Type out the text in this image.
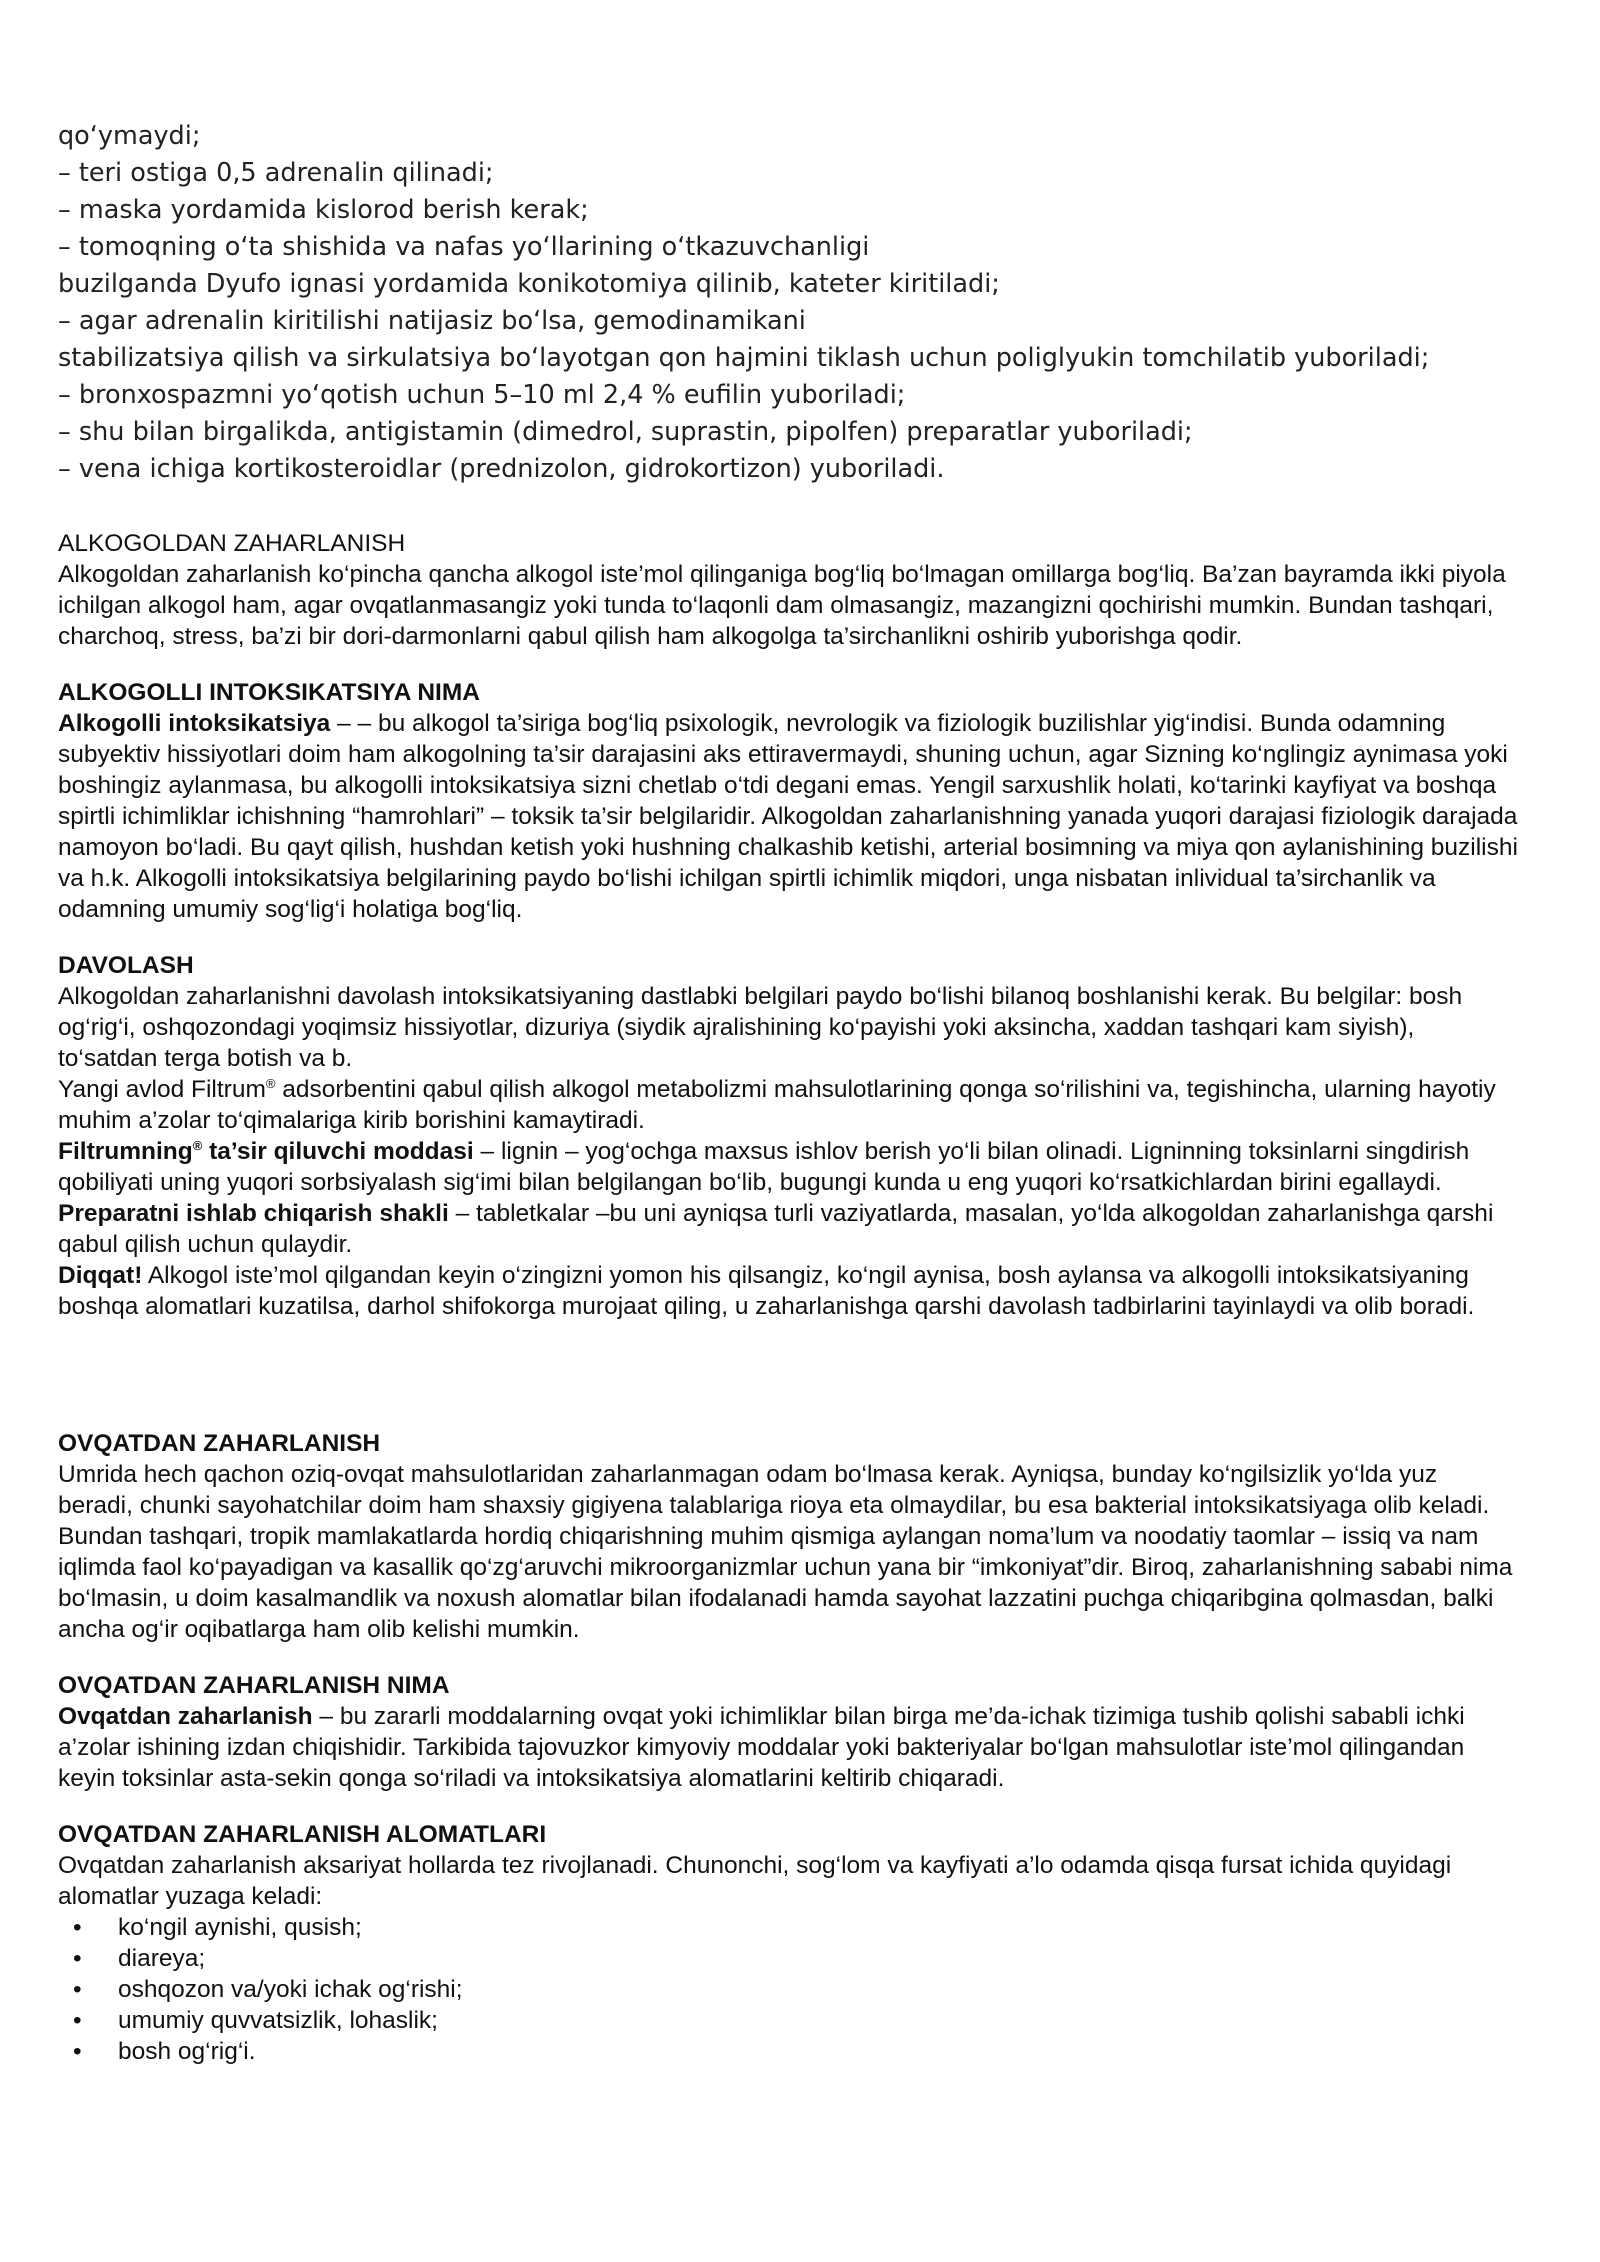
qo‘ymaydi;
– teri ostiga 0,5 adrenalin qilinadi;
– maska yordamida kislorod berish kerak;
– tomoqning o‘ta shishida va nafas yo‘llarining o‘tkazuvchanligi
buzilganda Dyufo ignasi yordamida konikotomiya qilinib, kateter kiritiladi;
– agar adrenalin kiritilishi natijasiz bo‘lsa, gemodinamikani
stabilizatsiya qilish va sirkulatsiya bo‘layotgan qon hajmini tiklash uchun poliglyukin tomchilatib yuboriladi;
– bronxospazmni yo‘qotish uchun 5–10 ml 2,4 % eufilin yuboriladi;
– shu bilan birgalikda, antigistamin (dimedrol, suprastin, pipolfen) preparatlar yuboriladi;
– vena ichiga kortikosteroidlar (prednizolon, gidrokortizon) yuboriladi.
ALKOGOLDAN ZAHARLANISH

Alkogoldan zaharlanish ko‘pincha qancha alkogol iste’mol qilinganiga bog‘liq bo‘lmagan omillarga bog‘liq. Ba’zan bayramda ikki piyola ichilgan alkogol ham, agar ovqatlanmasangiz yoki tunda to‘laqonli dam olmasangiz, mazangizni qochirishi mumkin. Bundan tashqari, charchoq, stress, ba’zi bir dori-darmonlarni qabul qilish ham alkogolga ta’sirchanlikni oshirib yuborishga qodir.

ALKOGOLLI INTOKSIKATSIYA NIMA

Alkogolli intoksikatsiya – – bu alkogol ta’siriga bog‘liq psixologik, nevrologik va fiziologik buzilishlar yig‘indisi. Bunda odamning subyektiv hissiyotlari doim ham alkogolning ta’sir darajasini aks ettiravermaydi, shuning uchun, agar Sizning ko‘nglingiz aynimasa yoki boshingiz aylanmasa, bu alkogolli intoksikatsiya sizni chetlab o‘tdi degani emas. Yengil sarxushlik holati, ko‘tarinki kayfiyat va boshqa spirtli ichimliklar ichishning “hamrohlari” – toksik ta’sir belgilaridir. Alkogoldan zaharlanishning yanada yuqori darajasi fiziologik darajada namoyon bo‘ladi. Bu qayt qilish, hushdan ketish yoki hushning chalkashib ketishi, arterial bosimning va miya qon aylanishining buzilishi va h.k. Alkogolli intoksikatsiya belgilarining paydo bo‘lishi ichilgan spirtli ichimlik miqdori, unga nisbatan inlividual ta’sirchanlik va odamning umumiy sog‘lig‘i holatiga bog‘liq.

DAVOLASH

Alkogoldan zaharlanishni davolash intoksikatsiyaning dastlabki belgilari paydo bo‘lishi bilanoq boshlanishi kerak. Bu belgilar: bosh og‘rig‘i, oshqozondagi yoqimsiz hissiyotlar, dizuriya (siydik ajralishining ko‘payishi yoki aksincha, xaddan tashqari kam siyish), to‘satdan terga botish va b.

Yangi avlod Filtrum® adsorbentini qabul qilish alkogol metabolizmi mahsulotlarining qonga so‘rilishini va, tegishincha, ularning hayotiy muhim a’zolar to‘qimalariga kirib borishini kamaytiradi.

Filtrumning® ta’sir qiluvchi moddasi – lignin – yog‘ochga maxsus ishlov berish yo‘li bilan olinadi. Ligninning toksinlarni singdirish qobiliyati uning yuqori sorbsiyalash sig‘imi bilan belgilangan bo‘lib, bugungi kunda u eng yuqori ko‘rsatkichlardan birini egallaydi.

Preparatni ishlab chiqarish shakli – tabletkalar –bu uni ayniqsa turli vaziyatlarda, masalan, yo‘lda alkogoldan zaharlanishga qarshi qabul qilish uchun qulaydir.

Diqqat! Alkogol iste’mol qilgandan keyin o‘zingizni yomon his qilsangiz, ko‘ngil aynisa, bosh aylansa va alkogolli intoksikatsiyaning boshqa alomatlari kuzatilsa, darhol shifokorga murojaat qiling, u zaharlanishga qarshi davolash tadbirlarini tayinlaydi va olib boradi.

OVQATDAN ZAHARLANISH

Umrida hech qachon oziq-ovqat mahsulotlaridan zaharlanmagan odam bo‘lmasa kerak. Ayniqsa, bunday ko‘ngilsizlik yo‘lda yuz beradi, chunki sayohatchilar doim ham shaxsiy gigiyena talablariga rioya eta olmaydilar, bu esa bakterial intoksikatsiyaga olib keladi. Bundan tashqari, tropik mamlakatlarda hordiq chiqarishning muhim qismiga aylangan noma’lum va noodatiy taomlar – issiq va nam iqlimda faol ko‘payadigan va kasallik qo‘zg‘aruvchi mikroorganizmlar uchun yana bir “imkoniyat”dir. Biroq, zaharlanishning sababi nima bo‘lmasin, u doim kasalmandlik va noxush alomatlar bilan ifodalanadi hamda sayohat lazzatini puchga chiqaribgina qolmasdan, balki ancha og‘ir oqibatlarga ham olib kelishi mumkin.

OVQATDAN ZAHARLANISH NIMA

Ovqatdan zaharlanish – bu zararli moddalarning ovqat yoki ichimliklar bilan birga me’da-ichak tizimiga tushib qolishi sababli ichki a’zolar ishining izdan chiqishidir. Tarkibida tajovuzkor kimyoviy moddalar yoki bakteriyalar bo‘lgan mahsulotlar iste’mol qilingandan keyin toksinlar asta-sekin qonga so‘riladi va intoksikatsiya alomatlarini keltirib chiqaradi.

OVQATDAN ZAHARLANISH ALOMATLARI

Ovqatdan zaharlanish aksariyat hollarda tez rivojlanadi. Chunonchi, sog‘lom va kayfiyati a’lo odamda qisqa fursat ichida quyidagi alomatlar yuzaga keladi:

• ko‘ngil aynishi, qusish;
• diareya;
• oshqozon va/yoki ichak og‘rishi;
• umumiy quvvatsizlik, lohaslik;
• bosh og‘rig‘i.
